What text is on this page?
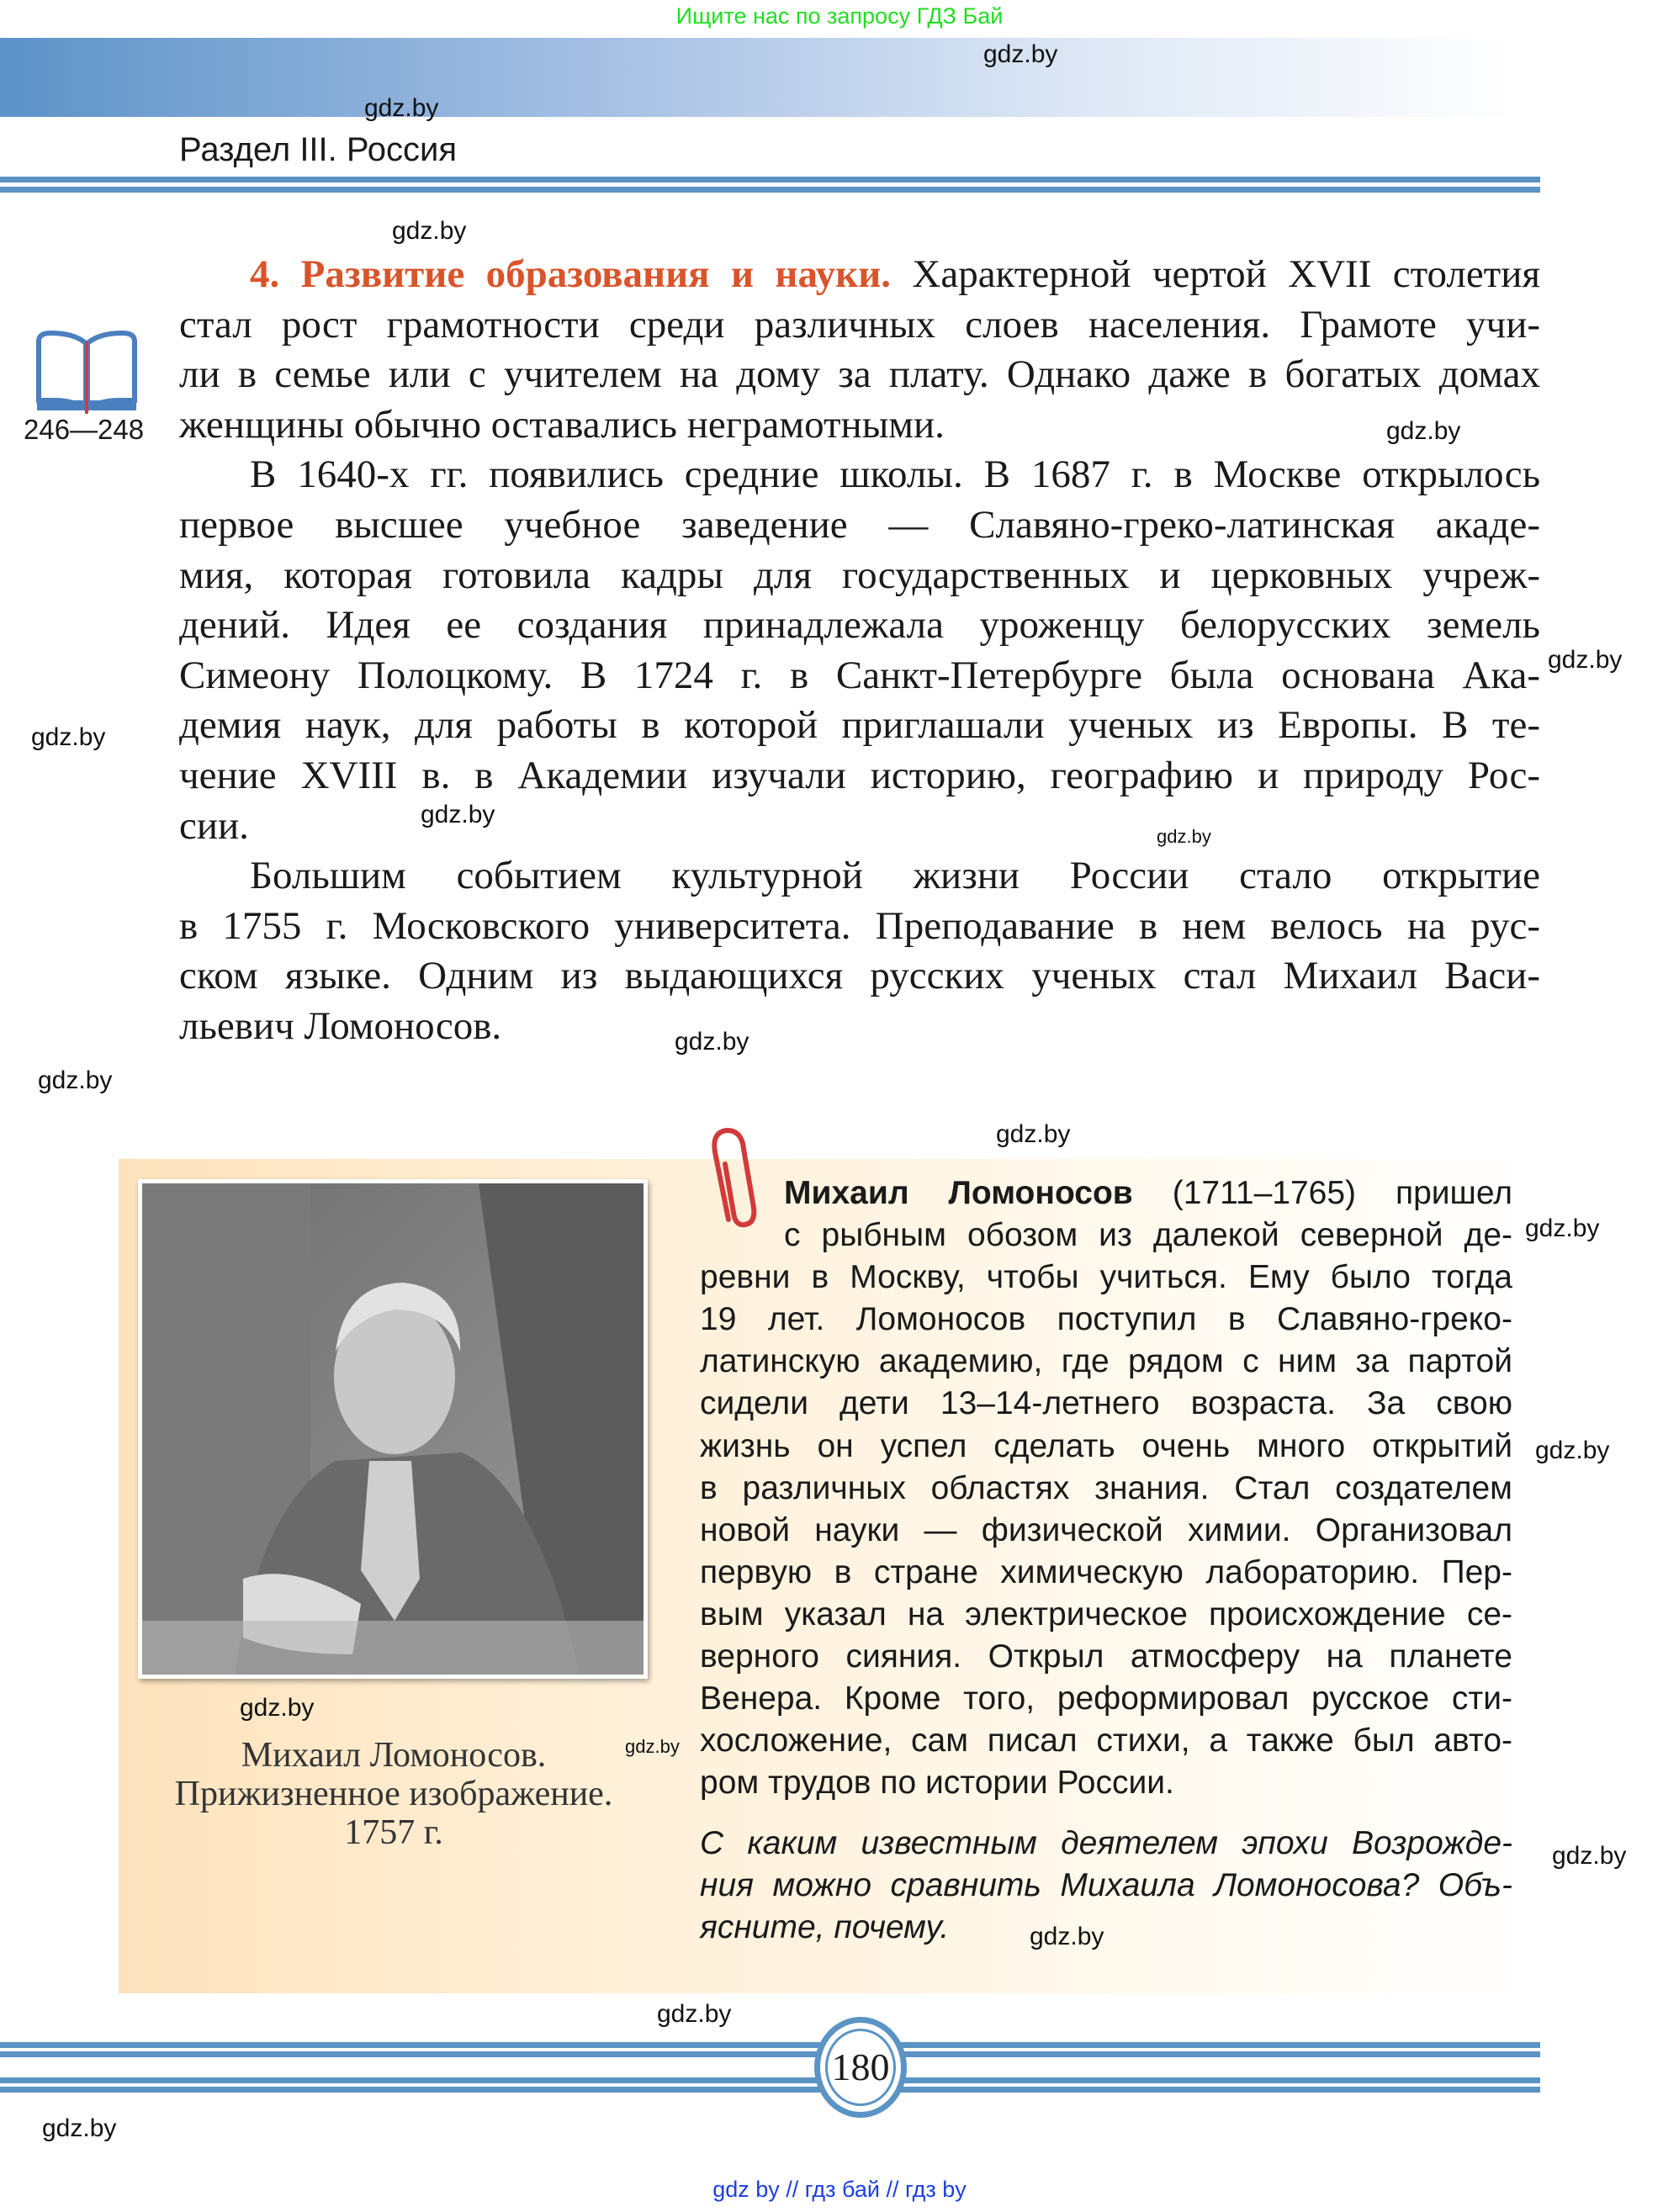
Ищите нас по запросу ГДЗ Бай
Раздел III. Россия
246—248
4. Развитие образования и науки. Характерной чертой XVII столетия
стал рост грамотности среди различных слоев населения. Грамоте учи-
ли в семье или с учителем на дому за плату. Однако даже в богатых домах
женщины обычно оставались неграмотными.
В 1640-х гг. появились средние школы. В 1687 г. в Москве открылось
первое высшее учебное заведение — Славяно-греко-латинская акаде-
мия, которая готовила кадры для государственных и церковных учреж-
дений. Идея ее создания принадлежала уроженцу белорусских земель
Симеону Полоцкому. В 1724 г. в Санкт-Петербурге была основана Ака-
демия наук, для работы в которой приглашали ученых из Европы. В те-
чение XVIII в. в Академии изучали историю, географию и природу Рос-
сии.
Большим событием культурной жизни России стало открытие
в 1755 г. Московского университета. Преподавание в нем велось на рус-
ском языке. Одним из выдающихся русских ученых стал Михаил Васи-
льевич Ломоносов.
Михаил Ломоносов.
Прижизненное изображение.
1757 г.
Михаил Ломоносов (1711–1765) пришел
с рыбным обозом из далекой северной де-
ревни в Москву, чтобы учиться. Ему было тогда
19 лет. Ломоносов поступил в Славяно-греко-
латинскую академию, где рядом с ним за партой
сидели дети 13–14-летнего возраста. За свою
жизнь он успел сделать очень много открытий
в различных областях знания. Стал создателем
новой науки — физической химии. Организовал
первую в стране химическую лабораторию. Пер-
вым указал на электрическое происхождение се-
верного сияния. Открыл атмосферу на планете
Венера. Кроме того, реформировал русское сти-
хосложение, сам писал стихи, а также был авто-
ром трудов по истории России.
С каким известным деятелем эпохи Возрожде-
ния можно сравнить Михаила Ломоносова? Объ-
ясните, почему.
180
gdz.by
gdz.by
gdz.by
gdz.by
gdz.by
gdz.by
gdz.by
gdz.by
gdz.by
gdz.by
gdz.by
gdz.by
gdz.by
gdz.by
gdz.by
gdz.by
gdz.by
gdz.by
gdz.by
gdz by // гдз бай // гдз by
